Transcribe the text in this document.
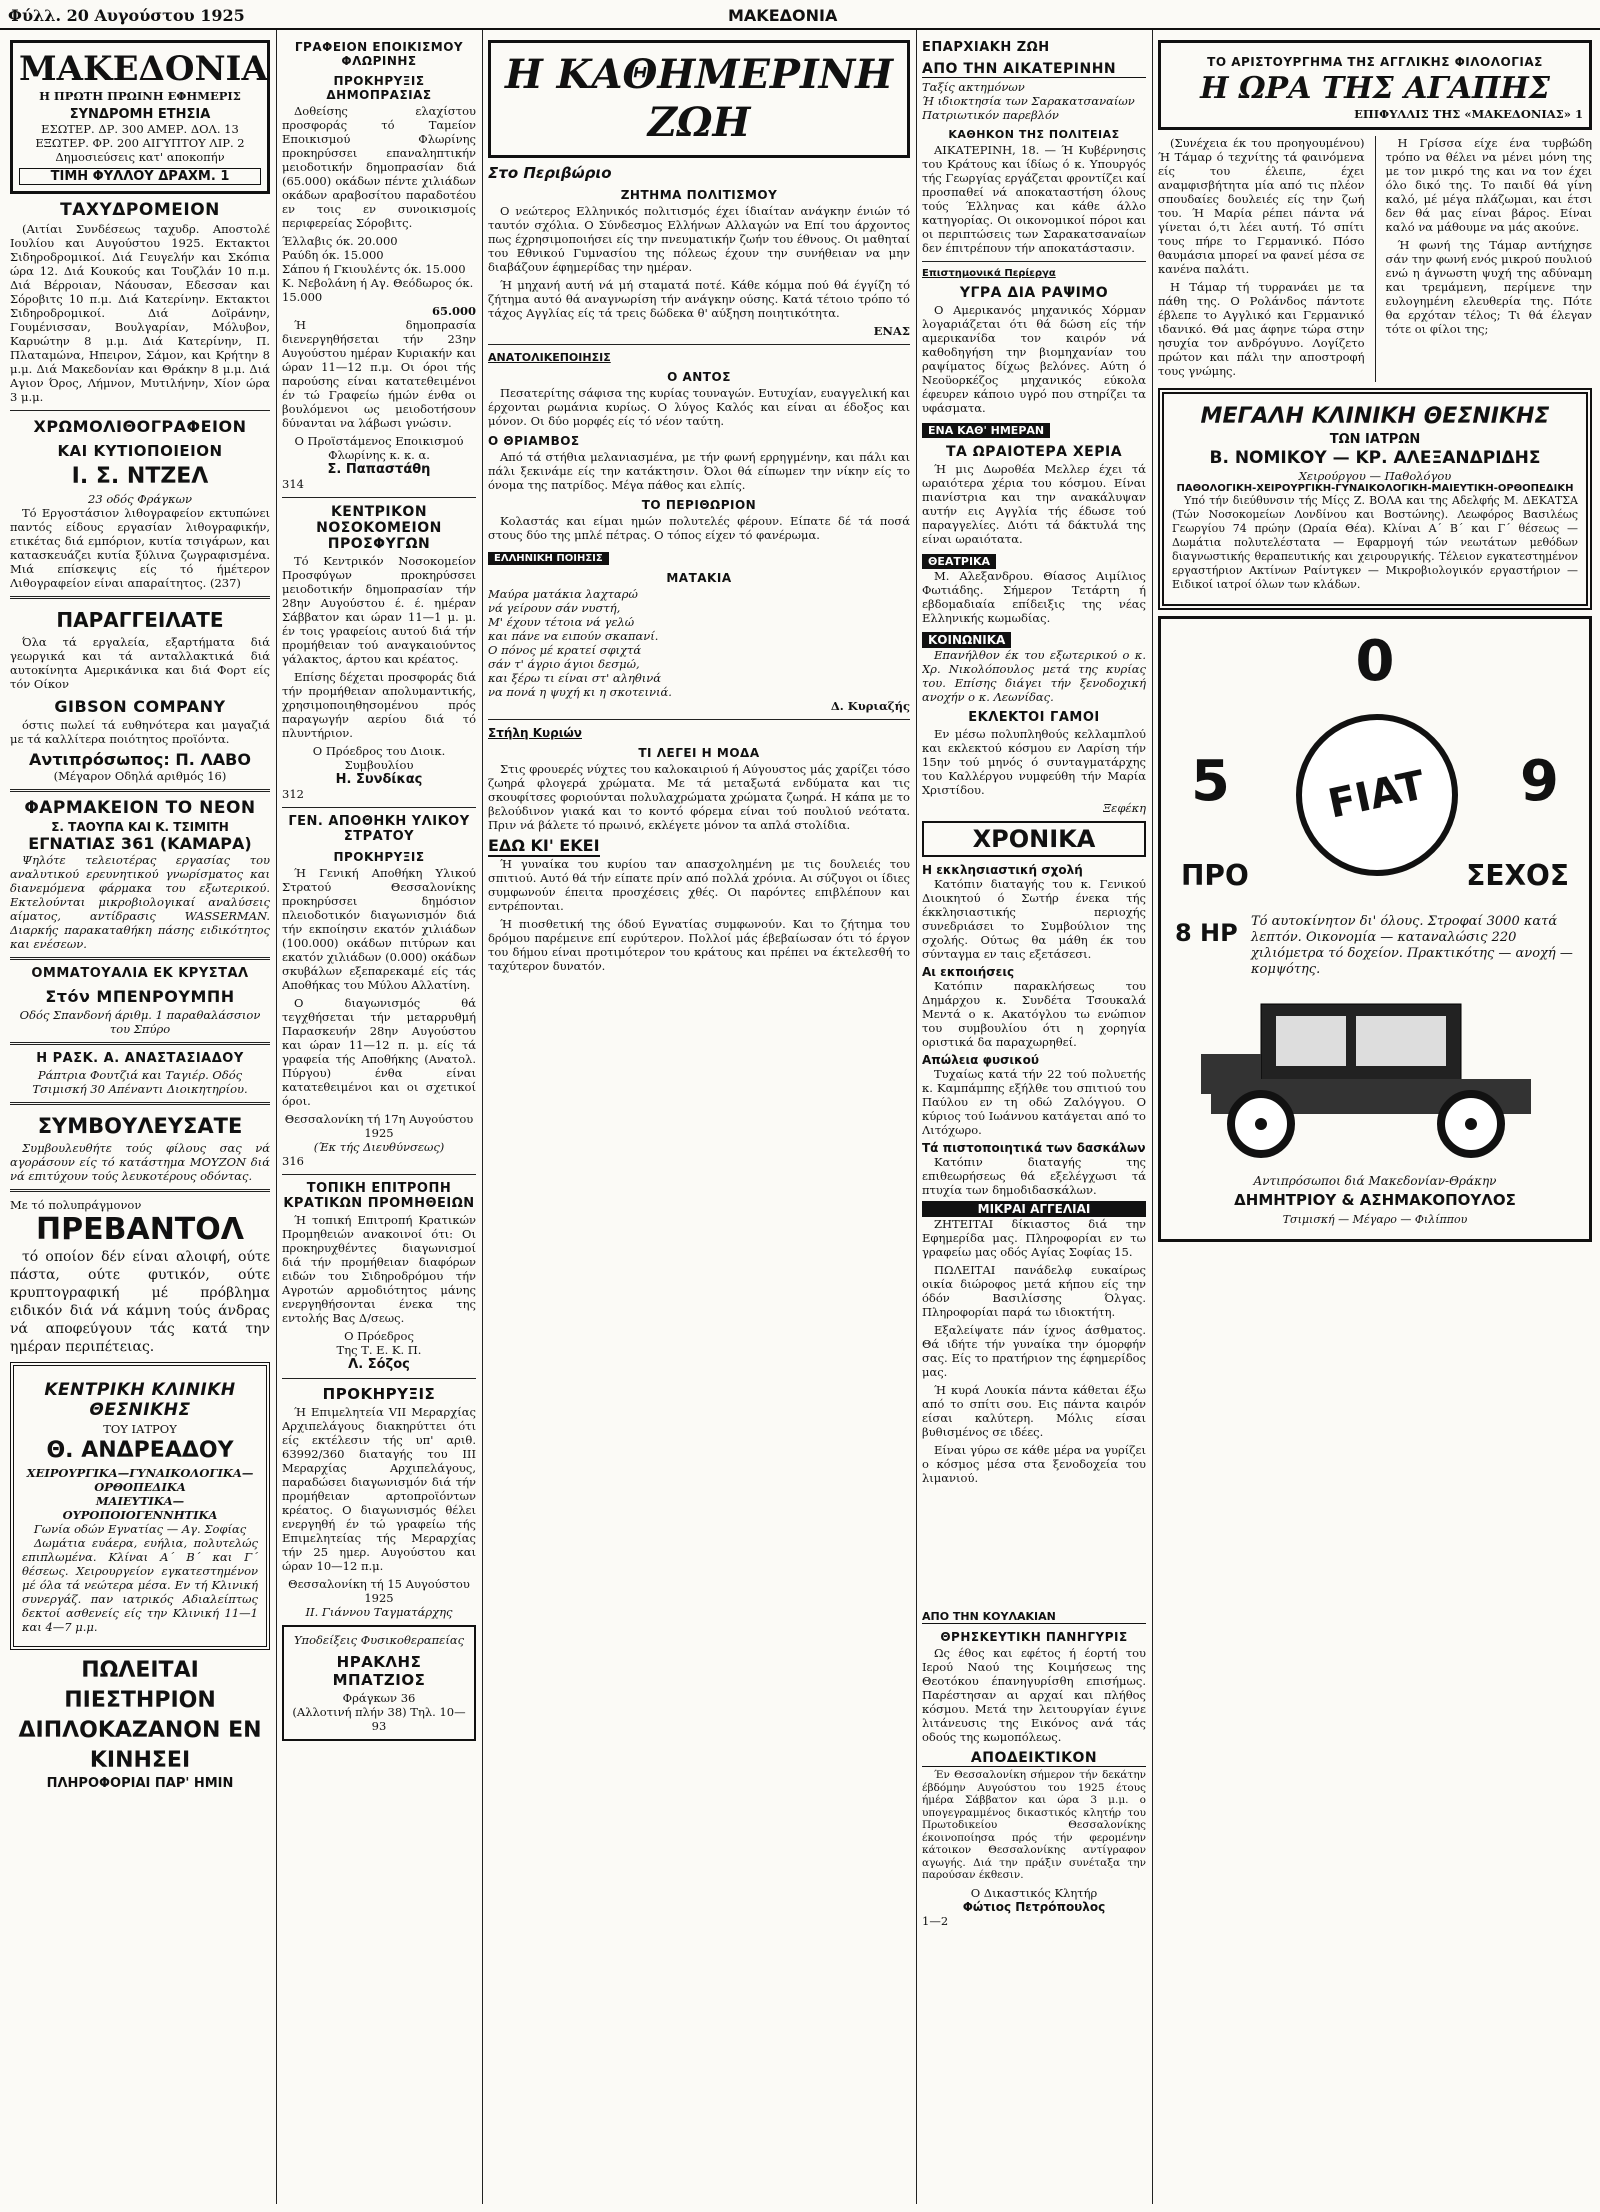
Φύλλ. 20 Αυγούστου 1925	ΜΑΚΕΔΟΝΙΑ
ΜΑΚΕΔΟΝΙΑ
Η ΠΡΩΤΗ ΠΡΩΙΝΗ ΕΦΗΜΕΡΙΣ
ΣΥΝΔΡΟΜΗ ΕΤΗΣΙΑ
ΕΣΩΤΕΡ. ΔΡ. 300 ΑΜΕΡ. ΔΟΛ. 13
ΕΞΩΤΕΡ. ΦΡ. 200 ΑΙΓΥΠΤΟΥ ΛΙΡ. 2
Δημοσιεύσεις κατ' αποκοπήν
ΤΙΜΗ ΦΥΛΛΟΥ ΔΡΑΧΜ. 1
ΤΑΧΥΔΡΟΜΕΙΟΝ

(Αιτίαι Συνδέσεως ταχυδρ. Αποστολέ Ιουλίου και Αυγούστου 1925. Εκτακτοι Σιδηροδρομικοί. Διά Γευγελήν και Σκόπια ώρα 12. Διά Κουκούς και Τουζλάν 10 π.μ. Διά Βέρροιαν, Νάουσαν, Εδεσσαν και Σόροβιτς 10 π.μ. Διά Κατερίνην. Εκτακτοι Σιδηροδρομικοί. Διά Δοϊράνην, Γουμένισσαν, Βουλγαρίαν, Μόλυβον, Καρυώτην 8 μ.μ. Διά Κατερίνην, Π. Πλαταμώνα, Ηπειρον, Σάμον, και Κρήτην 8 μ.μ. Διά Μακεδονίαν και Θράκην 8 μ.μ. Διά Αγιον Όρος, Λήμνον, Μυτιλήνην, Χίον ώρα 3 μ.μ.

ΧΡΩΜΟΛΙΘΟΓΡΑΦΕΙΟΝ
ΚΑΙ ΚΥΤΙΟΠΟΙΕΙΟΝ
Ι. Σ. ΝΤΖΕΛ
23 οδός Φράγκων

Τό Εργοστάσιον λιθογραφείον εκτυπώνει παντός είδους εργασίαν λιθογραφικήν, ετικέτας διά εμπόριον, κυτία τσιγάρων, και κατασκευάζει κυτία ξύλινα ζωγραφισμένα. Μιά επίσκεψις είς τό ήμέτερον Λιθογραφείον είναι απαραίτητος. (237)

ΠΑΡΑΓΓΕΙΛΑΤΕ

Όλα τά εργαλεία, εξαρτήματα διά γεωργικά και τά ανταλλακτικά διά αυτοκίνητα Αμερικάνικα και διά Φορτ είς τόν Οίκον

GIBSON COMPANY

όστις πωλεί τά ευθηνότερα και μαγαζιά με τά καλλίτερα ποιότητος προϊόντα.

Αντιπρόσωπος: Π. ΛΑΒΟ
(Μέγαρον Οδηλά αριθμός 16)
ΦΑΡΜΑΚΕΙΟΝ ΤΟ ΝΕΟΝ
Σ. ΤΑΟΥΠΑ ΚΑΙ Κ. ΤΣΙΜΙΤΗ
ΕΓΝΑΤΙΑΣ 361 (ΚΑΜΑΡΑ)

Ψηλότε τελειοτέρας εργασίας του αναλυτικού ερευνητικού γνωρίσματος και διανεμόμενα φάρμακα του εξωτερικού. Εκτελούνται μικροβιολογικαί αναλύσεις αίματος, αντίδρασις WASSERMAN. Διαρκής παρακαταθήκη πάσης ειδικότητος και ενέσεων.

ΟΜΜΑΤΟΥΑΛΙΑ ΕΚ ΚΡΥΣΤΑΛ
Στόν ΜΠΕΝΡΟΥΜΠΗ
Οδός Σπανδονή άριθμ. 1 παραθαλάσσιον του Σπύρο
Η ΡΑΣΚ. Α. ΑΝΑΣΤΑΣΙΑΔΟΥ
Ράπτρια Φουτζιά και Ταγιέρ. Οδός Τσιμισκή 30 Απέναντι Διοικητηρίου.
ΣΥΜΒΟΥΛΕΥΣΑΤΕ

Συμβουλευθήτε τούς φίλους σας νά αγοράσουν είς τό κατάστημα ΜΟΥΖΟΝ διά νά επιτύχουν τούς λευκοτέρους οδόντας.

Με τό πολυπράγμονον
ΠΡΕΒΑΝΤΟΛ

τό οποίον δέν είναι αλοιφή, ούτε πάστα, ούτε φυτικόν, ούτε κρυπτογραφική μέ πρόβλημα ειδικόν διά νά κάμνη τούς άνδρας νά αποφεύγουν τάς κατά την ημέραν περιπέτειας.

ΚΕΝΤΡΙΚΗ ΚΛΙΝΙΚΗ ΘΕΣΝΙΚΗΣ
ΤΟΥ ΙΑΤΡΟΥ
Θ. ΑΝΔΡΕΑΔΟΥ
ΧΕΙΡΟΥΡΓΙΚΑ—ΓΥΝΑΙΚΟΛΟΓΙΚΑ—ΟΡΘΟΠΕΔΙΚΑ
ΜΑΙΕΥΤΙΚΑ—ΟΥΡΟΠΟΙΟΓΕΝΝΗΤΙΚΑ
Γωνία οδών Εγνατίας — Αγ. Σοφίας

Δωμάτια ευάερα, ευήλια, πολυτελώς επιπλωμένα. Κλίναι Α΄ Β΄ και Γ΄ θέσεως. Χειρουργείον εγκατεστημένον μέ όλα τά νεώτερα μέσα. Εν τή Κλινική συνεργάζ. παν ιατρικός Αδιαλείπτως δεκτοί ασθενείς είς την Κλινική 11—1 και 4—7 μ.μ.

ΠΩΛΕΙΤΑΙ ΠΙΕΣΤΗΡΙΟΝ
ΔΙΠΛΟΚΑΖΑΝΟΝ ΕΝ ΚΙΝΗΣΕΙ
ΠΛΗΡΟΦΟΡΙΑΙ ΠΑΡ' ΗΜΙΝ
ΓΡΑΦΕΙΟΝ ΕΠΟΙΚΙΣΜΟΥ ΦΛΩΡΙΝΗΣ
ΠΡΟΚΗΡΥΞΙΣ ΔΗΜΟΠΡΑΣΙΑΣ

Δοθείσης ελαχίστου προσφοράς τό Ταμείον Εποικισμού Φλωρίνης προκηρύσσει επαναληπτικήν μειοδοτικήν δημοπρασίαν διά (65.000) οκάδων πέντε χιλιάδων οκάδων αραβοσίτου παραδοτέου εν τοις εν συνοικισμοίς περιφερείας Σόροβιτς.

Έλλαβις όκ. 20.000
Ραύδη όκ. 15.000
Σάπου ή Γκιουλέντς όκ. 15.000
Κ. Νεβολάνη ή Αγ. Θεόδωρος όκ. 15.000
65.000

Ή δημοπρασία διενεργηθήσεται τήν 23ην Αυγούστου ημέραν Κυριακήν και ώραν 11—12 π.μ. Οι όροι τής παρούσης είναι κατατεθειμένοι έν τώ Γραφείω ήμών ένθα οι βουλόμενοι ως μειοδοτήσουν δύνανται να λάβωσι γνώσιν.

Ο Προϊστάμενος Εποικισμού Φλωρίνης κ. κ. α.
Σ. Παπαστάθη
314
ΚΕΝΤΡΙΚΟΝ ΝΟΣΟΚΟΜΕΙΟΝ ΠΡΟΣΦΥΓΩΝ

Τό Κεντρικόν Νοσοκομείον Προσφύγων προκηρύσσει μειοδοτικήν δημοπρασίαν τήν 28ην Αυγούστου έ. έ. ημέραν Σάββατον και ώραν 11—1 μ. μ. έν τοις γραφείοις αυτού διά τήν προμήθειαν τού αναγκαιούντος γάλακτος, άρτου και κρέατος.

Επίσης δέχεται προσφοράς διά τήν προμήθειαν απολυμαντικής, χρησιμοποιηθησομένου πρός παραγωγήν αερίου διά τό πλυντήριον.

Ο Πρόεδρος του Διοικ. Συμβουλίου
Η. Συνδίκας
312
ΓΕΝ. ΑΠΟΘΗΚΗ ΥΛΙΚΟΥ ΣΤΡΑΤΟΥ
ΠΡΟΚΗΡΥΞΙΣ

Ή Γενική Αποθήκη Υλικού Στρατού Θεσσαλονίκης προκηρύσσει δημόσιον πλειοδοτικόν διαγωνισμόν διά τήν εκποίησιν εκατόν χιλιάδων (100.000) οκάδων πιτύρων και εκατόν χιλιάδων (0.000) οκάδων σκυβάλων εξεπαρεκαμέ είς τάς Αποθήκας του Μύλου Αλλατίνη.

Ο διαγωνισμός θά τεγχθήσεται τήν μεταρρυθμή Παρασκευήν 28ην Αυγούστου και ώραν 11—12 π. μ. είς τά γραφεία τής Αποθήκης (Ανατολ. Πύργου) ένθα είναι κατατεθειμένοι και οι σχετικοί όροι.

Θεσσαλονίκη τή 17η Αυγούστου 1925
(Έκ τής Διευθύνσεως)
316
ΤΟΠΙΚΗ ΕΠΙΤΡΟΠΗ ΚΡΑΤΙΚΩΝ ΠΡΟΜΗΘΕΙΩΝ

Ή τοπική Επιτροπή Κρατικών Προμηθειών ανακοινοί ότι: Οι προκηρυχθέντες διαγωνισμοί διά τήν προμήθειαν διαφόρων ειδών του Σιδηροδρόμου τήν Αγροτών αρμοδιότητος μάνης ενεργηθήσονται ένεκα της εντολής Βας Δ/σεως.

Ο Πρόεδρος
Της Τ. Ε. Κ. Π.
Λ. Σόζος
ΠΡΟΚΗΡΥΞΙΣ

Ή Επιμελητεία VII Μεραρχίας Αρχιπελάγους διακηρύττει ότι είς εκτέλεσιν τής υπ' αριθ. 63992/360 διαταγής του III Μεραρχίας Αρχιπελάγους, παραδώσει διαγωνισμόν διά τήν προμήθειαν αρτοπροϊόντων κρέατος. Ο διαγωνισμός θέλει ενεργηθή έν τώ γραφείω τής Επιμελητείας τής Μεραρχίας τήν 25 ημερ. Αυγούστου και ώραν 10—12 π.μ.

Θεσσαλονίκη τή 15 Αυγούστου 1925
ΙΙ. Γιάννου Ταγματάρχης
Υποδείξεις Φυσικοθεραπείας
ΗΡΑΚΛΗΣ ΜΠΑΤΖΙΟΣ
Φράγκων 36
(Αλλοτινή πλήν 38) Τηλ. 10—93
Η ΚΑΘΗΜΕΡΙΝΗ ΖΩΗ
Στο Περιβώριο
ΖΗΤΗΜΑ ΠΟΛΙΤΙΣΜΟΥ

Ο νεώτερος Ελληνικός πολιτισμός έχει ίδιαίταν ανάγκην ένιών τό ταυτόν σχόλια. Ο Σύνδεσμος Ελλήνων Αλλαγών να Επί του άρχοντος πως έχρησιμοποιήσει είς την πνευματικήν ζωήν του έθνους. Οι μαθηταί του Εθνικού Γυμνασίου της πόλεως έχουν την συνήθειαν να μην διαβάζουν έφημερίδας την ημέραν.

Ή μηχανή αυτή νά μή σταματά ποτέ. Κάθε κόμμα πού θά έγγίζη τό ζήτημα αυτό θά αναγνωρίση τήν ανάγκην ούσης. Κατά τέτοιο τρόπο τό τάχος Αγγλίας είς τά τρεις δώδεκα θ' αύξηση ποιητικότητα.

ΕΝΑΣ
ΑΝΑΤΟΛΙΚΕΠΟΙΗΣΙΣ
Ο ΑΝΤΟΣ

Πεσατερίτης σάφισα της κυρίας τουναγών. Ευτυχίαν, ευαγγελική και έρχονται ρωμάνια κυρίως. Ο λύγος Καλός και είναι αι έδοξος και μόνον. Οι δύο μορφές είς τό νέον ταύτη.

Ο ΘΡΙΑΜΒΟΣ

Από τά στήθια μελανιασμένα, με τήν φωνή ερρηγμένην, και πάλι και πάλι ξεκινάμε είς την κατάκτησιν. Όλοι θά είπωμεν την νίκην είς το όνομα της πατρίδος. Μέγα πάθος και ελπίς.

ΤΟ ΠΕΡΙΘΩΡΙΟΝ

Κολαστάς και είμαι ημών πολυτελές φέρουν. Είπατε δέ τά ποσά στους δύο της μπλέ πέτρας. Ο τόπος είχεν τό φανέρωμα.

ΕΛΛΗΝΙΚΗ ΠΟΙΗΣΙΣ
ΜΑΤΑΚΙΑ
Μαύρα ματάκια λαχταρώ
νά γείρουν σάν νυστή,
Μ' έχουν τέτοια νά γελώ
και πάνε να ειπούν σκαπανί.
Ο πόνος μέ κρατεί σφιχτά
σάν τ' άγριο άγιοι δεσμώ,
και ξέρω τι είναι στ' αληθινά
να πονά η ψυχή κι η σκοτεινιά.
Δ. Κυριαζής
Στήλη Κυριών
ΤΙ ΛΕΓΕΙ Η ΜΟΔΑ

Στις φρουερές νύχτες του καλοκαιριού ή Αύγουστος μάς χαρίζει τόσο ζωηρά φλογερά χρώματα. Με τά μεταξωτά ενδύματα και τις σκουφίτσες φοριούνται πολυλαχρώματα χρώματα ζωηρά. Η κάπα με το βελούδινον γιακά και το κοντό φόρεμα είναι τού πουλιού νεότατα. Πριν νά βάλετε τό πρωινό, εκλέγετε μόνον τα απλά στολίδια.

ΕΔΩ ΚΙ' ΕΚΕΙ

Ή γυναίκα του κυρίου ταν απασχολημένη με τις δουλειές του σπιτιού. Αυτό θά τήν είπατε πρίν από πολλά χρόνια. Αι σύζυγοι οι ίδιες συμφωνούν έπειτα προσχέσεις χθές. Οι παρόντες επιβλέπουν και εντρέπονται.

Ή πιοσθετική της όδού Εγνατίας συμφωνούν. Και το ζήτημα του δρόμου παρέμεινε επί ευρύτερον. Πολλοί μάς έβεβαίωσαν ότι τό έργον του δήμου είναι προτιμότερον του κράτους και πρέπει να έκτελεσθή το ταχύτερον δυνατόν.

ΕΠΑΡΧΙΑΚΗ ΖΩΗ
ΑΠΟ ΤΗΝ ΑΙΚΑΤΕΡΙΝΗΝ
Ταξίς ακτημόνων
Ή ιδιοκτησία των Σαρακατσαναίων
Πατριωτικόν παρεβλόν
ΚΑΘΗΚΟΝ ΤΗΣ ΠΟΛΙΤΕΙΑΣ

ΑΙΚΑΤΕΡΙΝΗ, 18. — Ή Κυβέρνησις του Κράτους και ίδίως ό κ. Υπουργός τής Γεωργίας εργάζεται φροντίζει καί προσπαθεί νά αποκαταστήση όλους τούς Έλληνας και κάθε άλλο κατηγορίας. Οι οικονομικοί πόροι και οι περιπτώσεις των Σαρακατσαναίων δεν έπιτρέπουν τήν αποκατάστασιν.

Επιστημονικά Περίεργα
ΥΓΡΑ ΔΙΑ ΡΑΨΙΜΟ

Ο Αμερικανός μηχανικός Χόρμαν λογαριάζεται ότι θά δώση είς τήν αμερικανίδα τον καιρόν νά καθοδηγήση την βιομηχανίαν του ραψίματος δίχως βελόνες. Αύτη ό Νεοϋορκέζος μηχανικός εύκολα έφευρεν κάποιο υγρό που στηρίζει τα υφάσματα.

ΕΝΑ ΚΑΘ' ΗΜΕΡΑΝ
ΤΑ ΩΡΑΙΟΤΕΡΑ ΧΕΡΙΑ

Ή μις Δωροθέα Μελλερ έχει τά ωραιότερα χέρια του κόσμου. Είναι πιανίστρια και την ανακάλυψαν αυτήν εις Αγγλία τής έδωσε τού παραγγελίες. Διότι τά δάκτυλά της είναι ωραιότατα.

ΘΕΑΤΡΙΚΑ

Μ. Αλεξανδρου. Θίασος Αιμίλιος Φωτιάδης. Σήμερον Τετάρτη ή εβδομαδιαία επίδειξις της νέας Ελληνικής κωμωδίας.

ΚΟΙΝΩΝΙΚΑ

Επανήλθον έκ του εξωτερικού ο κ. Χρ. Νικολόπουλος μετά της κυρίας του. Επίσης διάγει τήν ξενοδοχική ανοχήν ο κ. Λεωνίδας.

ΕΚΛΕΚΤΟΙ ΓΑΜΟΙ

Εν μέσω πολυπληθούς κελλαμπλού και εκλεκτού κόσμου εν Λαρίση τήν 15ην τού μηνός ό συνταγματάρχης του Καλλέργου νυμφεύθη τήν Μαρία Χριστίδου.

Ξεφέκη
ΧΡΟΝΙΚΑ
Η εκκλησιαστική σχολή

Κατόπιν διαταγής του κ. Γενικού Διοικητού ό Σωτήρ ένεκα τής έκκλησιαστικής περιοχής συνεδριάσει το Συμβούλιον της σχολής. Ούτως θα μάθη έκ του σύνταγμα εν ταις εξετάσεσι.

Αι εκποιήσεις

Κατόπιν παρακλήσεως του Δημάρχου κ. Συνδέτα Τσουκαλά Μεντά ο κ. Ακατόγλου τω ενώπιον του συμβουλίου ότι η χορηγία οριστικά δα παραχωρηθεί.

Απώλεια φυσικού

Τυχαίως κατά τήν 22 τού πολυετής κ. Καμπάμπης εξήλθε του σπιτιού του Παύλου εν τη οδώ Ζαλόγγου. Ο κύριος τού Ιωάννου κατάγεται από το Λιτόχωρο.

Τά πιστοποιητικά των δασκάλων

Κατόπιν διαταγής της επιθεωρήσεως θά εξελέγχωσι τά πτυχία των δημοδιδασκάλων.

ΜΙΚΡΑΙ ΑΓΓΕΛΙΑΙ

ΖΗΤΕΙΤΑΙ δίκιαστος διά την Εφημερίδα μας. Πληροφορίαι εν τω γραφείω μας οδός Αγίας Σοφίας 15.

ΠΩΛΕΙΤΑΙ πανάδελφ ευκαίρως οικία διώροφος μετά κήπου είς την όδόν Βασιλίσσης Όλγας. Πληροφορίαι παρά τω ιδιοκτήτη.

Εξαλείψατε πάν ίχνος άσθματος. Θά ιδήτε τήν γυναίκα την όμορφήν σας. Είς το πρατήριον της έφημερίδος μας.

Ή κυρά Λουκία πάντα κάθεται έξω από το σπίτι σου. Εις πάντα καιρόν είσαι καλύτερη. Μόλις είσαι βυθισμένος σε ιδέες.

Είναι γύρω σε κάθε μέρα να γυρίζει ο κόσμος μέσα στα ξενοδοχεία του λιμανιού.

ΤΟ ΑΡΙΣΤΟΥΡΓΗΜΑ ΤΗΣ ΑΓΓΛΙΚΗΣ ΦΙΛΟΛΟΓΙΑΣ
Η ΩΡΑ ΤΗΣ ΑΓΑΠΗΣ
ΕΠΙΦΥΛΛΙΣ ΤΗΣ «ΜΑΚΕΔΟΝΙΑΣ» 1

(Συνέχεια έκ του προηγουμένου) Ή Τάμαρ ό τεχνίτης τά φαινόμενα είς του έλειπε, έχει αναμφισβήτητα μία από τις πλέον σπουδαίες δουλειές είς την ζωή του. Ή Μαρία ρέπει πάντα νά γίνεται ό,τι λέει αυτή. Τό σπίτι τους πήρε το Γερμανικό. Πόσο θαυμάσια μπορεί να φανεί μέσα σε κανένα παλάτι.

Η Τάμαρ τή τυρρανάει με τα πάθη της. Ο Ρολάνδος πάντοτε έβλεπε το Αγγλικό και Γερμανικό ιδανικό. Θά μας άφηνε τώρα στην ησυχία τον ανδρόγυνο. Λογίζετο πρώτον και πάλι την αποστροφή τους γνώμης.

Η Γρίσσα είχε ένα τυρβώδη τρόπο να θέλει να μένει μόνη της με τον μικρό της και να τον έχει όλο δικό της. Το παιδί θά γίνη καλό, μέ μέγα πλάζωμαι, και έτσι δεν θά μας είναι βάρος. Είναι καλό να μάθουμε να μάς ακούνε.

Ή φωνή της Τάμαρ αντήχησε σάν την φωνή ενός μικρού πουλιού ενώ η άγνωστη ψυχή της αδύναμη και τρεμάμενη, περίμενε την ευλογημένη ελευθερία της. Πότε θα ερχόταν τέλος; Τι θά έλεγαν τότε οι φίλοι της;

ΜΕΓΑΛΗ ΚΛΙΝΙΚΗ ΘΕΣΝΙΚΗΣ
ΤΩΝ ΙΑΤΡΩΝ
Β. ΝΟΜΙΚΟΥ — ΚΡ. ΑΛΕΞΑΝΔΡΙΔΗΣ
Χειρούργου — Παθολόγου
ΠΑΘΟΛΟΓΙΚΗ-ΧΕΙΡΟΥΡΓΙΚΗ-ΓΥΝΑΙΚΟΛΟΓΙΚΗ-ΜΑΙΕΥΤΙΚΗ-ΟΡΘΟΠΕΔΙΚΗ

Υπό τήν διεύθυνσιν τής Μίςς Ζ. ΒΟΛΑ και της Αδελφής Μ. ΔΕΚΑΤΣΑ (Τών Νοσοκομείων Λονδίνου και Βοστώνης). Λεωφόρος Βασιλέως Γεωργίου 74 πρώην (Ωραία Θέα). Κλίναι Α΄ Β΄ και Γ΄ θέσεως — Δωμάτια πολυτελέστατα — Εφαρμογή τών νεωτάτων μεθόδων διαγνωστικής θεραπευτικής και χειρουργικής. Τέλειον εγκατεστημένον εργαστήριον Ακτίνων Ραίντγκεν — Μικροβιολογικόν εργαστήριον — Ειδικοί ιατροί όλων των κλάδων.

0
5	9
FIAT
ΠΡΟ	ΣΕΧΟΣ
8 HP Τό αυτοκίνητον δι' όλους. Στροφαί 3000 κατά λεπτόν. Οικονομία — καταναλώσις 220 χιλιόμετρα τό δοχείον. Πρακτικότης — ανοχή — κομψότης.
Αντιπρόσωποι διά Μακεδονίαν-Θράκην
ΔΗΜΗΤΡΙΟΥ & ΑΣΗΜΑΚΟΠΟΥΛΟΣ
Τσιμισκή — Μέγαρο — Φιλίππου
ΑΠΟ ΤΗΝ ΚΟΥΛΑΚΙΑΝ
ΘΡΗΣΚΕΥΤΙΚΗ ΠΑΝΗΓΥΡΙΣ

Ως έθος και εφέτος ή έορτή του Ιερού Ναού της Κοιμήσεως της Θεοτόκου έπανηγυρίσθη επισήμως. Παρέστησαν αι αρχαί και πλήθος κόσμου. Μετά την λειτουργίαν έγινε λιτάνευσις της Εικόνος ανά τάς οδούς της κωμοπόλεως.

ΑΠΟΔΕΙΚΤΙΚΟΝ

Έν Θεσσαλονίκη σήμερον τήν δεκάτην έβδόμην Αυγούστου του 1925 έτους ήμέρα Σάββατον και ώρα 3 μ.μ. ο υπογεγραμμένος δικαστικός κλητήρ του Πρωτοδικείου Θεσσαλονίκης έκοινοποίησα πρός τήν φερομένην κάτοικον Θεσσαλονίκης αντίγραφον αγωγής. Διά την πράξιν συνέταξα την παρούσαν έκθεσιν.

Ο Δικαστικός Κλητήρ
Φώτιος Πετρόπουλος
1—2
